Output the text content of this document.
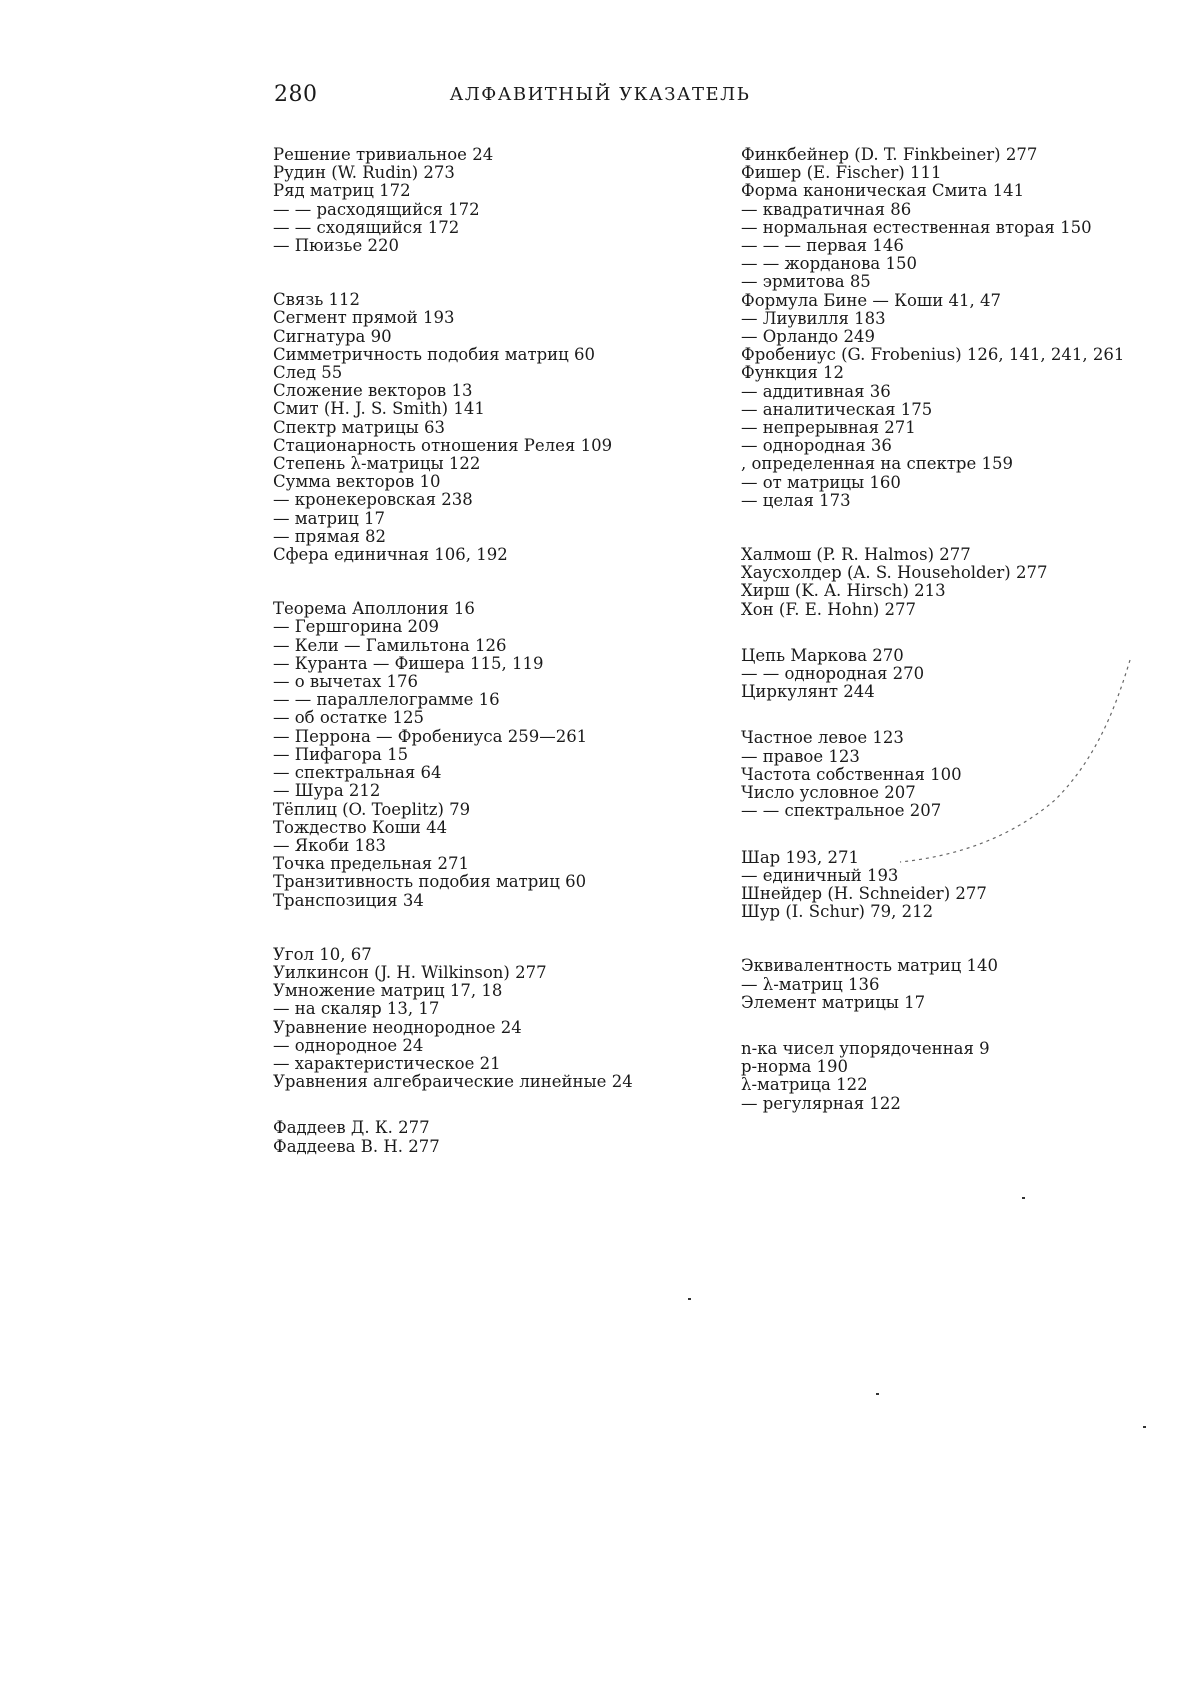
280	АЛФАВИТНЫЙ УКАЗАТЕЛЬ
Решение тривиальное 24
Рудин (W. Rudin) 273
Ряд матриц 172
— — расходящийся 172
— — сходящийся 172
— Пюизье 220
Связь 112
Сегмент прямой 193
Сигнатура 90
Симметричность подобия матриц 60
След 55
Сложение векторов 13
Смит (H. J. S. Smith) 141
Спектр матрицы 63
Стационарность отношения Релея 109
Степень λ-матрицы 122
Сумма векторов 10
— кронекеровская 238
— матриц 17
— прямая 82
Сфера единичная 106, 192
Теорема Аполлония 16
— Гершгорина 209
— Кели — Гамильтона 126
— Куранта — Фишера 115, 119
— о вычетах 176
— — параллелограмме 16
— об остатке 125
— Перрона — Фробениуса 259—261
— Пифагора 15
— спектральная 64
— Шура 212
Тёплиц (O. Toeplitz) 79
Тождество Коши 44
— Якоби 183
Точка предельная 271
Транзитивность подобия матриц 60
Транспозиция 34
Угол 10, 67
Уилкинсон (J. H. Wilkinson) 277
Умножение матриц 17, 18
— на скаляр 13, 17
Уравнение неоднородное 24
— однородное 24
— характеристическое 21
Уравнения алгебраические линейные 24
Фаддеев Д. К. 277
Фаддеева В. Н. 277
Финкбейнер (D. T. Finkbeiner) 277
Фишер (E. Fischer) 111
Форма каноническая Смита 141
— квадратичная 86
— нормальная естественная вторая 150
— — — первая 146
— — жорданова 150
— эрмитова 85
Формула Бине — Коши 41, 47
— Лиувилля 183
— Орландо 249
Фробениус (G. Frobenius) 126, 141, 241, 261
Функция 12
— аддитивная 36
— аналитическая 175
— непрерывная 271
— однородная 36
, определенная на спектре 159
— от матрицы 160
— целая 173
Халмош (P. R. Halmos) 277
Хаусхолдер (A. S. Householder) 277
Хирш (K. A. Hirsch) 213
Хон (F. E. Hohn) 277
Цепь Маркова 270
— — однородная 270
Циркулянт 244
Частное левое 123
— правое 123
Частота собственная 100
Число условное 207
— — спектральное 207
Шар 193, 271
— единичный 193
Шнейдер (H. Schneider) 277
Шур (I. Schur) 79, 212
Эквивалентность матриц 140
— λ-матриц 136
Элемент матрицы 17
n-ка чисел упорядоченная 9
p-норма 190
λ-матрица 122
— регулярная 122
